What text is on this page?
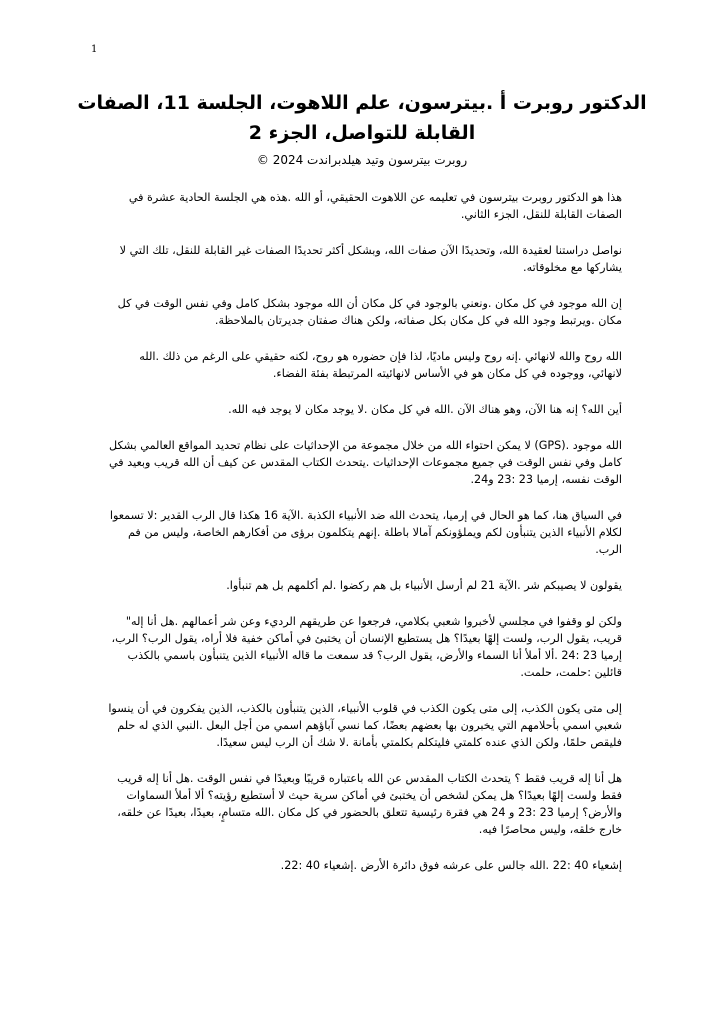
1
الدكتور روبرت أ .بيترسون، علم اللاهوت، الجلسة 11، الصفات القابلة للتواصل، الجزء 2
روبرت بيترسون وتيد هيلدبراندت 2024 ©

هذا هو الدكتور روبرت بيترسون في تعليمه عن اللاهوت الحقيقي، أو الله .هذه هي الجلسة الحادية عشرة في الصفات القابلة للنقل، الجزء الثاني.

نواصل دراستنا لعقيدة الله، وتحديدًا الآن صفات الله، وبشكل أكثر تحديدًا الصفات غير القابلة للنقل، تلك التي لا يشاركها مع مخلوقاته.

إن الله موجود في كل مكان .ونعني بالوجود في كل مكان أن الله موجود بشكل كامل وفي نفس الوقت في كل مكان .ويرتبط وجود الله في كل مكان بكل صفاته، ولكن هناك صفتان جديرتان بالملاحظة.

الله روح والله لانهائي .إنه روح وليس ماديًا، لذا فإن حضوره هو روح، لكنه حقيقي على الرغم من ذلك .الله لانهائي، ووجوده في كل مكان هو في الأساس لانهائيته المرتبطة بفئة الفضاء.

أين الله؟ إنه هنا الآن، وهو هناك الآن .الله في كل مكان .لا يوجد مكان لا يوجد فيه الله.

الله موجود .(GPS) لا يمكن احتواء الله من خلال مجموعة من الإحداثيات على نظام تحديد المواقع العالمي بشكل كامل وفي نفس الوقت في جميع مجموعات الإحداثيات .يتحدث الكتاب المقدس عن كيف أن الله قريب وبعيد في الوقت نفسه، إرميا 23 :23 و24.

في السياق هنا، كما هو الحال في إرميا، يتحدث الله ضد الأنبياء الكذبة .الآية 16 هكذا قال الرب القدير :لا تسمعوا لكلام الأنبياء الذين يتنبأون لكم ويملؤونكم آمالا باطلة .إنهم يتكلمون برؤى من أفكارهم الخاصة، وليس من فم الرب.

يقولون لا يصيبكم شر .الآية 21 لم أرسل الأنبياء بل هم ركضوا .لم أكلمهم بل هم تنبأوا.

ولكن لو وقفوا في مجلسي لأخبروا شعبي بكلامي، فرجعوا عن طريقهم الرديء وعن شر أعمالهم .هل أنا إله" قريب، يقول الرب، ولست إلهًا بعيدًا؟ هل يستطيع الإنسان أن يختبئ في أماكن خفية فلا أراه، يقول الرب؟ الرب، إرميا 23 :24 .ألا أملأ أنا السماء والأرض، يقول الرب؟ قد سمعت ما قاله الأنبياء الذين يتنبأون باسمي بالكذب قائلين :حلمت، حلمت.

إلى متى يكون الكذب، إلى متى يكون الكذب في قلوب الأنبياء، الذين يتنبأون بالكذب، الذين يفكرون في أن ينسوا شعبي اسمي بأحلامهم التي يخبرون بها بعضهم بعضًا، كما نسي آباؤهم اسمي من أجل البعل .النبي الذي له حلم فليقص حلمًا، ولكن الذي عنده كلمتي فليتكلم بكلمتي بأمانة .لا شك أن الرب ليس سعيدًا.

هل أنا إله قريب فقط ؟ يتحدث الكتاب المقدس عن الله باعتباره قريبًا وبعيدًا في نفس الوقت .هل أنا إله قريب فقط ولست إلهًا بعيدًا؟ هل يمكن لشخص أن يختبئ في أماكن سرية حيث لا أستطيع رؤيته؟ ألا أملأ السماوات والأرض؟ إرميا 23 :23 و 24 هي فقرة رئيسية تتعلق بالحضور في كل مكان .الله متسامٍ، بعيدًا، بعيدًا عن خلقه، خارج خلقه، وليس محاصرًا فيه.

إشعياء 40 :22 .الله جالس على عرشه فوق دائرة الأرض .إشعياء 40 :22.
